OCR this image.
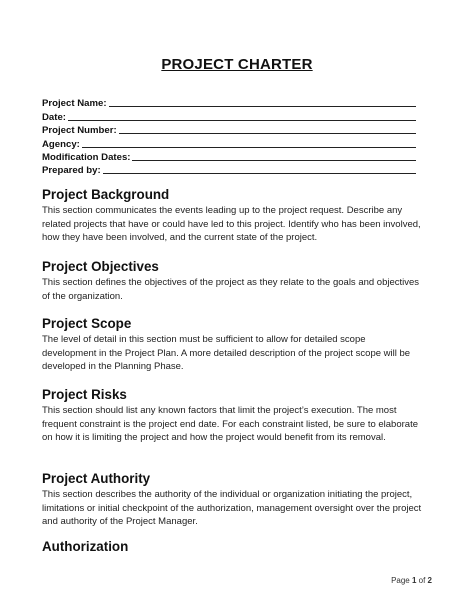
PROJECT CHARTER
Project Name:
Date:
Project Number:
Agency:
Modification Dates:
Prepared by:
Project Background

This section communicates the events leading up to the project request. Describe any related projects that have or could have led to this project. Identify who has been involved, how they have been involved, and the current state of the project.

Project Objectives

This section defines the objectives of the project as they relate to the goals and objectives of the organization.

Project Scope

The level of detail in this section must be sufficient to allow for detailed scope development in the Project Plan. A more detailed description of the project scope will be developed in the Planning Phase.

Project Risks

This section should list any known factors that limit the project’s execution. The most frequent constraint is the project end date. For each constraint listed, be sure to elaborate on how it is limiting the project and how the project would benefit from its removal.

Project Authority

This section describes the authority of the individual or organization initiating the project, limitations or initial checkpoint of the authorization, management oversight over the project and authority of the Project Manager.

Authorization
Page 1 of 2
